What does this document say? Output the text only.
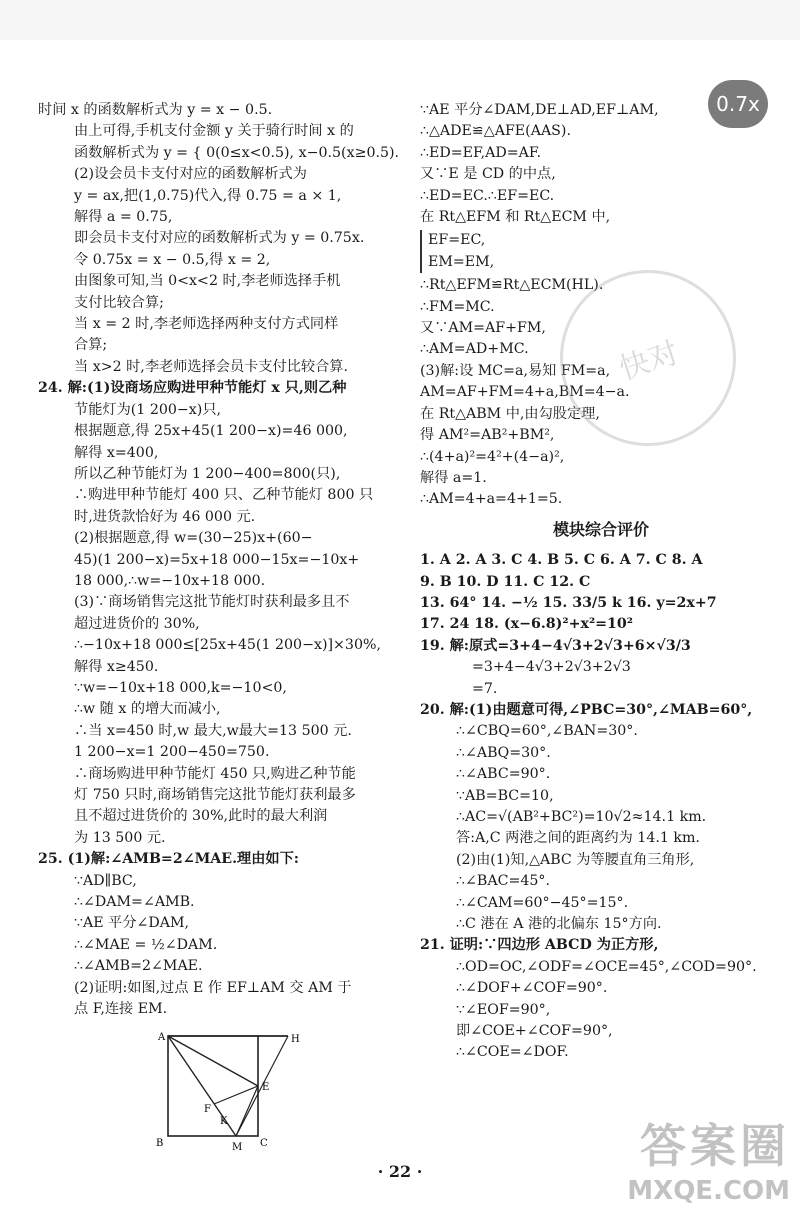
0.7x
时间 x 的函数解析式为 y = x − 0.5.
由上可得,手机支付金额 y 关于骑行时间 x 的
函数解析式为 y = { 0(0≤x<0.5), x−0.5(x≥0.5).
(2)设会员卡支付对应的函数解析式为
y = ax,把(1,0.75)代入,得 0.75 = a × 1,
解得 a = 0.75,
即会员卡支付对应的函数解析式为 y = 0.75x.
令 0.75x = x − 0.5,得 x = 2,
由图象可知,当 0<x<2 时,李老师选择手机
支付比较合算;
当 x = 2 时,李老师选择两种支付方式同样
合算;
当 x>2 时,李老师选择会员卡支付比较合算.
24. 解:(1)设商场应购进甲种节能灯 x 只,则乙种
节能灯为(1 200−x)只,
根据题意,得 25x+45(1 200−x)=46 000,
解得 x=400,
所以乙种节能灯为 1 200−400=800(只),
∴购进甲种节能灯 400 只、乙种节能灯 800 只
时,进货款恰好为 46 000 元.
(2)根据题意,得 w=(30−25)x+(60−
45)(1 200−x)=5x+18 000−15x=−10x+
18 000,∴w=−10x+18 000.
(3)∵商场销售完这批节能灯时获利最多且不
超过进货价的 30%,
∴−10x+18 000≤[25x+45(1 200−x)]×30%,
解得 x≥450.
∵w=−10x+18 000,k=−10<0,
∴w 随 x 的增大而减小,
∴当 x=450 时,w 最大,w最大=13 500 元.
1 200−x=1 200−450=750.
∴商场购进甲种节能灯 450 只,购进乙种节能
灯 750 只时,商场销售完这批节能灯获利最多
且不超过进货价的 30%,此时的最大利润
为 13 500 元.
25. (1)解:∠AMB=2∠MAE.理由如下:
∵AD∥BC,
∴∠DAM=∠AMB.
∵AE 平分∠DAM,
∴∠MAE = ½∠DAM.
∴∠AMB=2∠MAE.
(2)证明:如图,过点 E 作 EF⊥AM 交 AM 于
点 F,连接 EM.
A	H
E
F
K
B	M C
∵AE 平分∠DAM,DE⊥AD,EF⊥AM,
∴△ADE≌△AFE(AAS).
∴ED=EF,AD=AF.
又∵E 是 CD 的中点,
∴ED=EC.∴EF=EC.
在 Rt△EFM 和 Rt△ECM 中,
EF=EC,
EM=EM,
∴Rt△EFM≌Rt△ECM(HL).
∴FM=MC.
又∵AM=AF+FM,
∴AM=AD+MC.
(3)解:设 MC=a,易知 FM=a,
AM=AF+FM=4+a,BM=4−a.
在 Rt△ABM 中,由勾股定理,
得 AM²=AB²+BM²,
∴(4+a)²=4²+(4−a)²,
解得 a=1.
∴AM=4+a=4+1=5.
模块综合评价
1. A 2. A 3. C 4. B 5. C 6. A 7. C 8. A
9. B 10. D 11. C 12. C
13. 64° 14. −½ 15. 33/5 k 16. y=2x+7
17. 24 18. (x−6.8)²+x²=10²
19. 解:原式=3+4−4√3+2√3+6×√3/3
=3+4−4√3+2√3+2√3
=7.
20. 解:(1)由题意可得,∠PBC=30°,∠MAB=60°,
∴∠CBQ=60°,∠BAN=30°.
∴∠ABQ=30°.
∴∠ABC=90°.
∵AB=BC=10,
∴AC=√(AB²+BC²)=10√2≈14.1 km.
答:A,C 两港之间的距离约为 14.1 km.
(2)由(1)知,△ABC 为等腰直角三角形,
∴∠BAC=45°.
∴∠CAM=60°−45°=15°.
∴C 港在 A 港的北偏东 15°方向.
21. 证明:∵四边形 ABCD 为正方形,
∴OD=OC,∠ODF=∠OCE=45°,∠COD=90°.
∴∠DOF+∠COF=90°.
∵∠EOF=90°,
即∠COE+∠COF=90°,
∴∠COE=∠DOF.
快对
· 22 ·	答案圈
MXQE.COM
